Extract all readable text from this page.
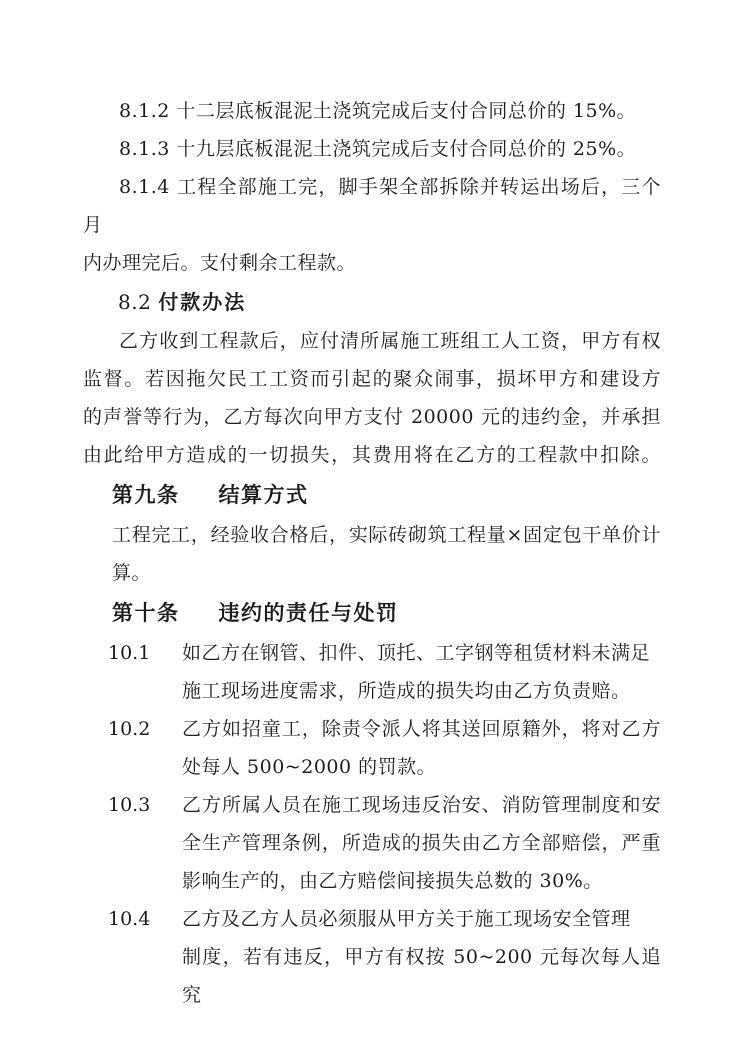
8.1.2 十二层底板混泥土浇筑完成后支付合同总价的 15%。
8.1.3 十九层底板混泥土浇筑完成后支付合同总价的 25%。
8.1.4 工程全部施工完，脚手架全部拆除并转运出场后，三个月
内办理完后。支付剩余工程款。
8.2 付款办法
乙方收到工程款后，应付清所属施工班组工人工资，甲方有权
监督。若因拖欠民工工资而引起的聚众闹事，损坏甲方和建设方
的声誉等行为，乙方每次向甲方支付 20000 元的违约金，并承担
由此给甲方造成的一切损失，其费用将在乙方的工程款中扣除。
第九条 结算方式
工程完工，经验收合格后，实际砖砌筑工程量×固定包干单价计
算。
第十条 违约的责任与处罚
10.1	如乙方在钢管、扣件、顶托、工字钢等租赁材料未满足
施工现场进度需求，所造成的损失均由乙方负责赔。
10.2	乙方如招童工，除责令派人将其送回原籍外，将对乙方
处每人 500~2000 的罚款。
10.3	乙方所属人员在施工现场违反治安、消防管理制度和安
全生产管理条例，所造成的损失由乙方全部赔偿，严重
影响生产的，由乙方赔偿间接损失总数的 30%。
10.4	乙方及乙方人员必须服从甲方关于施工现场安全管理
制度，若有违反，甲方有权按 50~200 元每次每人追究
